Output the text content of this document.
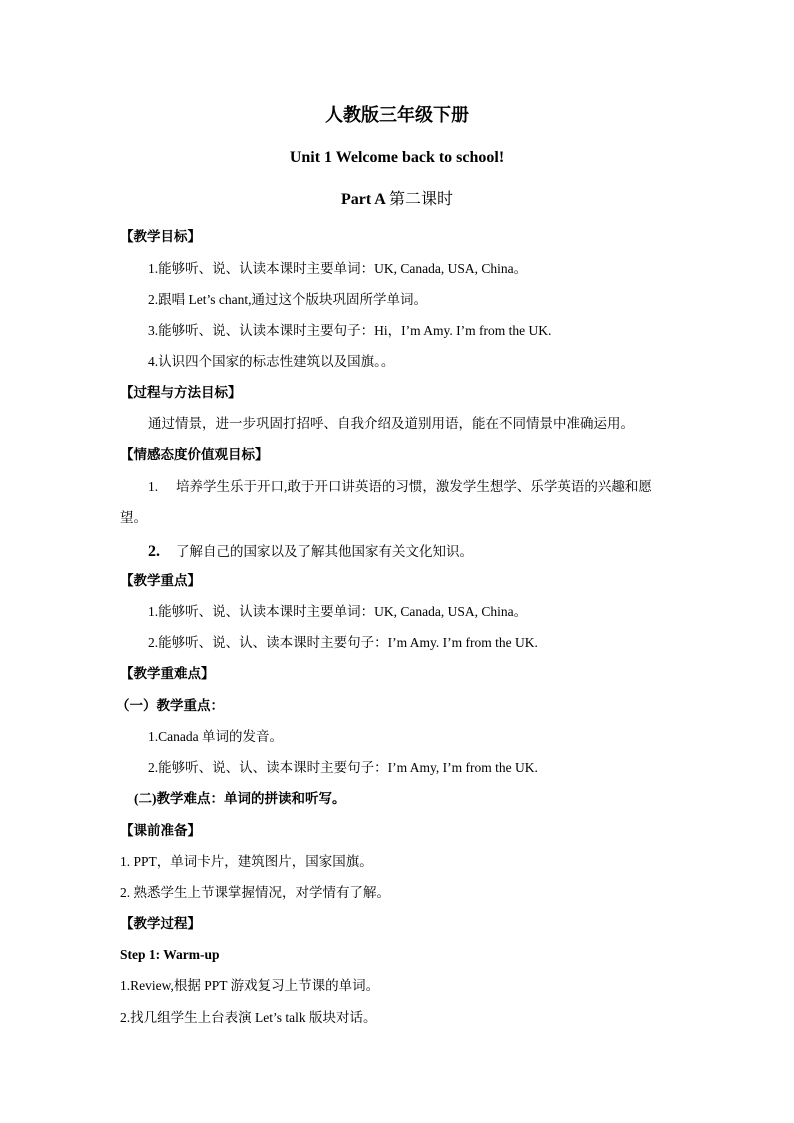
人教版三年级下册
Unit 1 Welcome back to school!
Part A 第二课时
【教学目标】
1.能够听、说、认读本课时主要单词：UK, Canada, USA, China。
2.跟唱 Let’s chant,通过这个版块巩固所学单词。
3.能够听、说、认读本课时主要句子：Hi，I’m Amy. I’m from the UK.
4.认识四个国家的标志性建筑以及国旗。。
【过程与方法目标】
通过情景，进一步巩固打招呼、自我介绍及道别用语，能在不同情景中准确运用。
【情感态度价值观目标】
1. 培养学生乐于开口,敢于开口讲英语的习惯，激发学生想学、乐学英语的兴趣和愿
望。
2. 了解自己的国家以及了解其他国家有关文化知识。
【教学重点】
1.能够听、说、认读本课时主要单词：UK, Canada, USA, China。
2.能够听、说、认、读本课时主要句子：I’m Amy. I’m from the UK.
【教学重难点】
（一）教学重点：
1.Canada 单词的发音。
2.能够听、说、认、读本课时主要句子：I’m Amy, I’m from the UK.
(二)教学难点：单词的拼读和听写。
【课前准备】
1. PPT，单词卡片，建筑图片，国家国旗。
2. 熟悉学生上节课掌握情况，对学情有了解。
【教学过程】
Step 1: Warm-up
1.Review,根据 PPT 游戏复习上节课的单词。
2.找几组学生上台表演 Let’s talk 版块对话。
